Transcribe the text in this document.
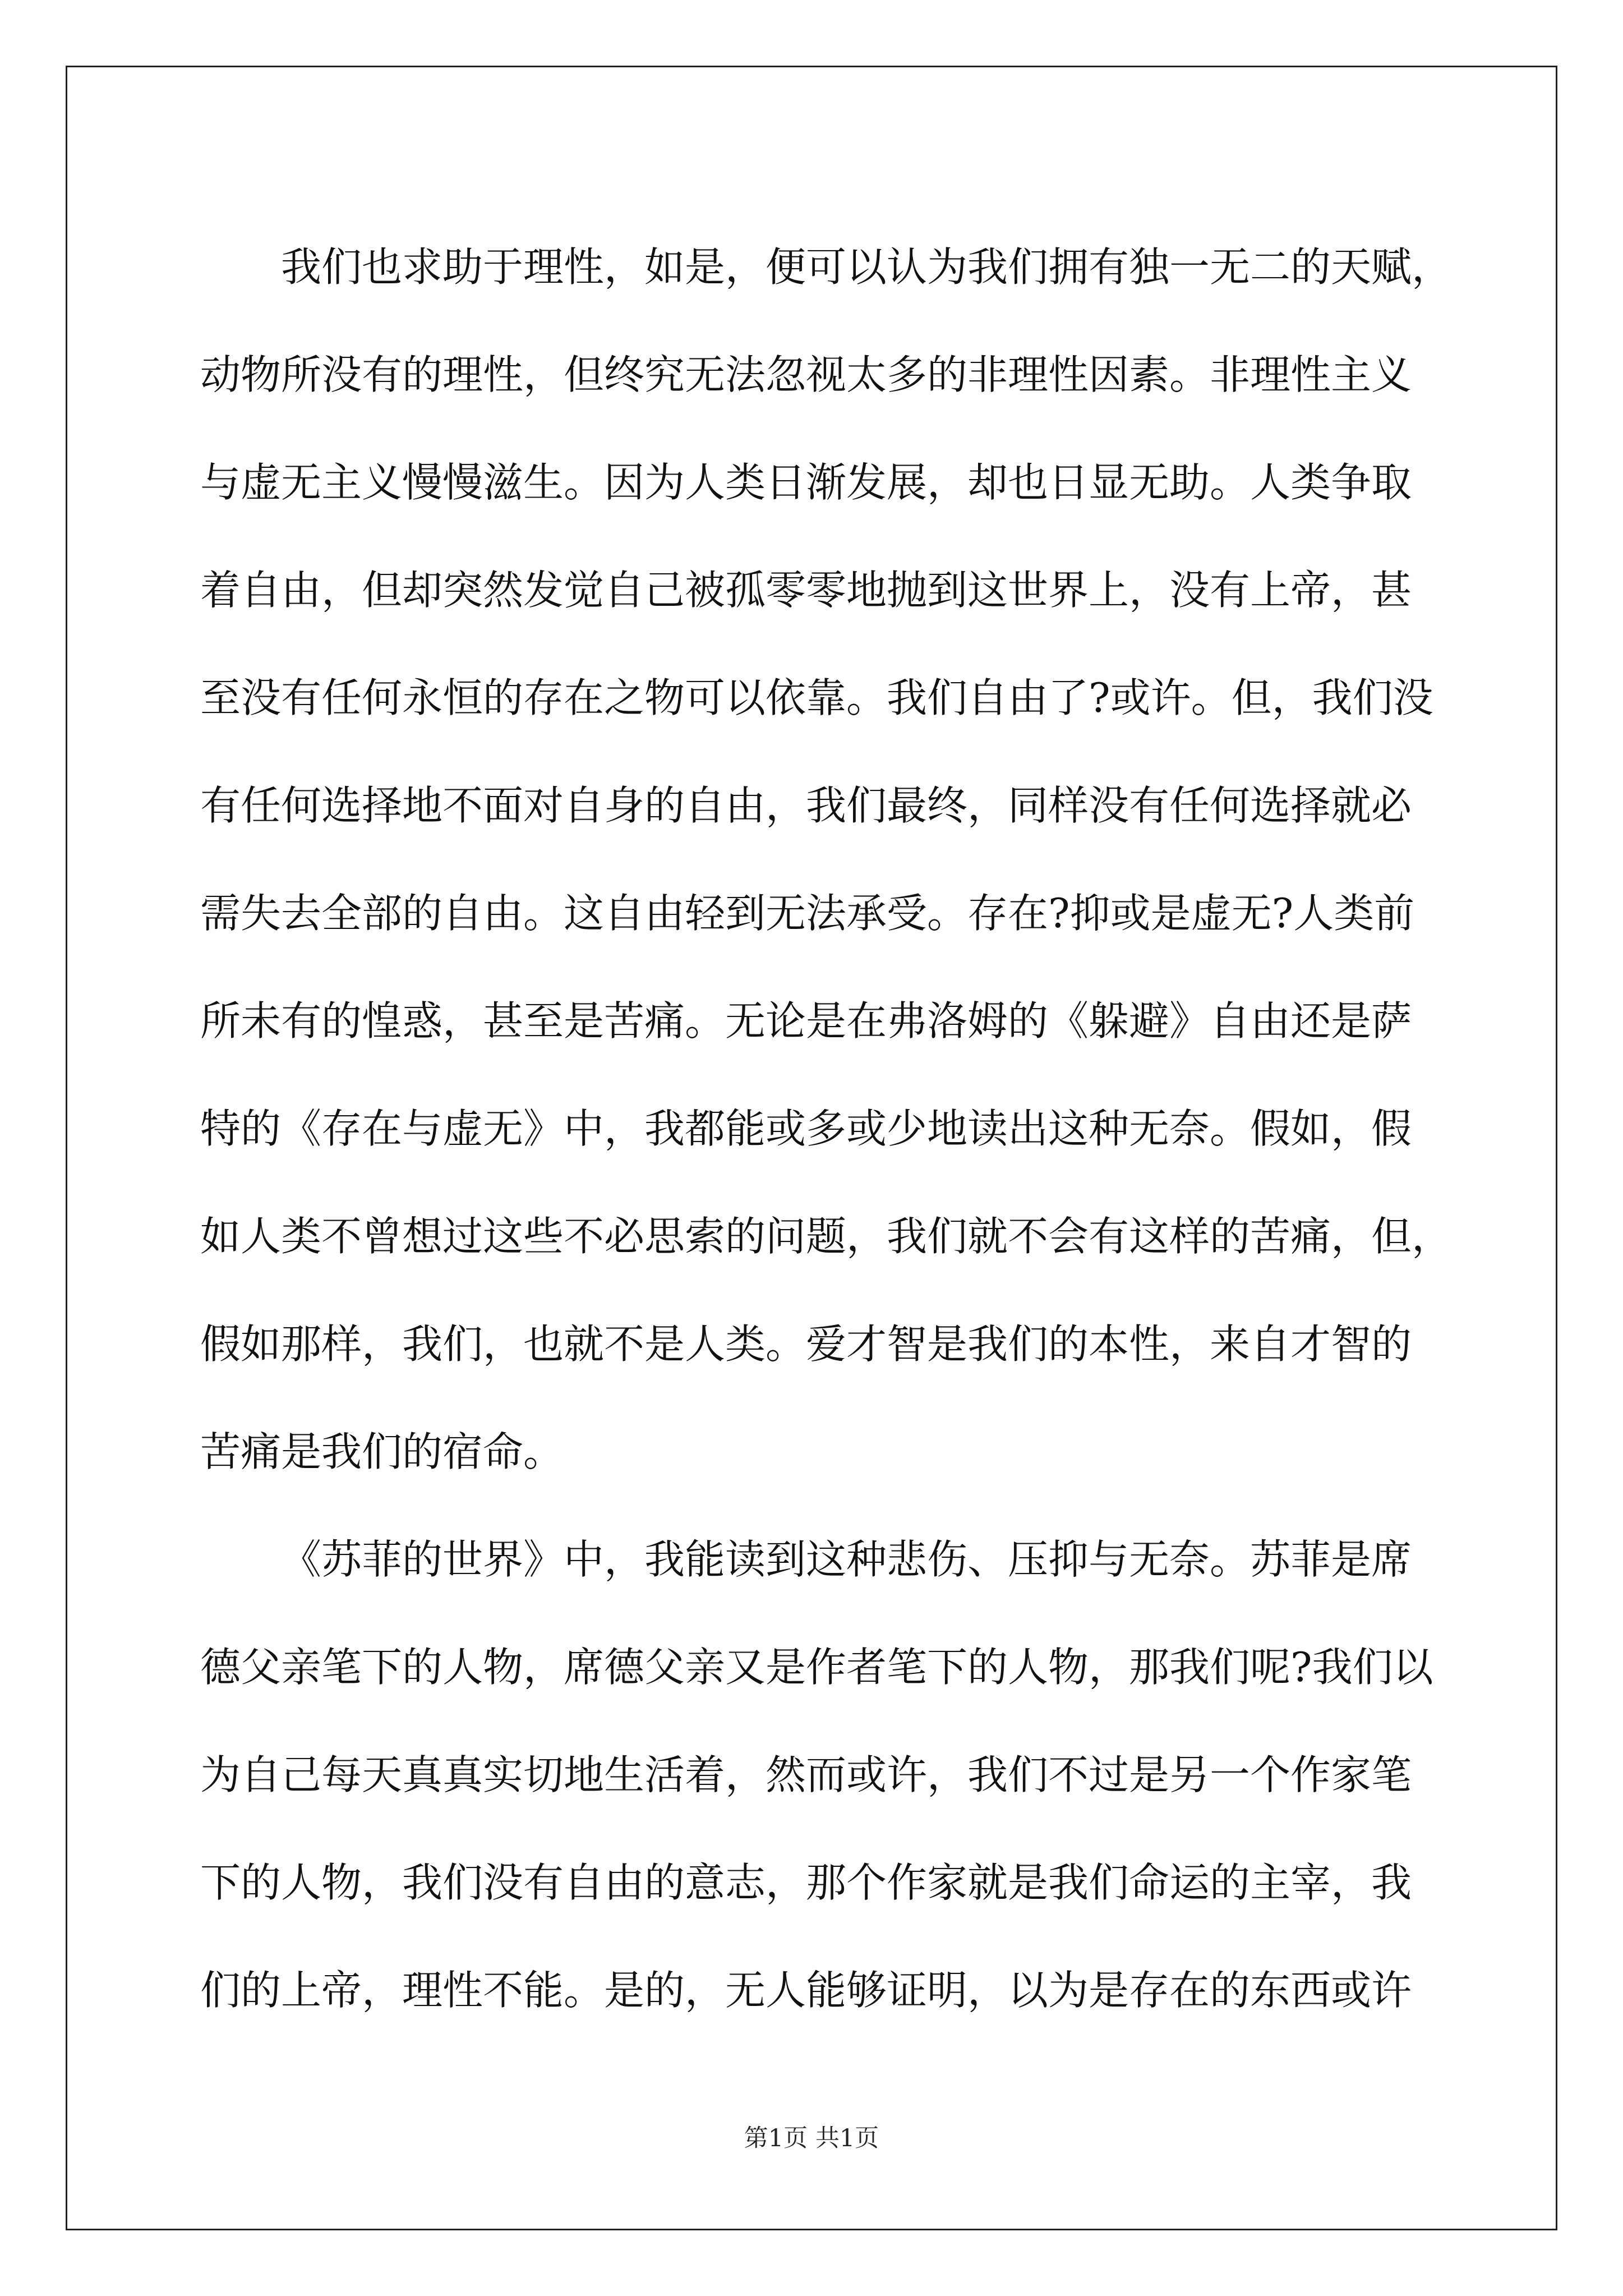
我们也求助于理性，如是，便可以认为我们拥有独一无二的天赋，
动物所没有的理性，但终究无法忽视太多的非理性因素。非理性主义
与虚无主义慢慢滋生。因为人类日渐发展，却也日显无助。人类争取
着自由，但却突然发觉自己被孤零零地抛到这世界上，没有上帝，甚
至没有任何永恒的存在之物可以依靠。我们自由了?或许。但，我们没
有任何选择地不面对自身的自由，我们最终，同样没有任何选择就必
需失去全部的自由。这自由轻到无法承受。存在?抑或是虚无?人类前
所未有的惶惑，甚至是苦痛。无论是在弗洛姆的《躲避》自由还是萨
特的《存在与虚无》中，我都能或多或少地读出这种无奈。假如，假
如人类不曾想过这些不必思索的问题，我们就不会有这样的苦痛，但，
假如那样，我们，也就不是人类。爱才智是我们的本性，来自才智的
苦痛是我们的宿命。

《苏菲的世界》中，我能读到这种悲伤、压抑与无奈。苏菲是席
德父亲笔下的人物，席德父亲又是作者笔下的人物，那我们呢?我们以
为自己每天真真实切地生活着，然而或许，我们不过是另一个作家笔
下的人物，我们没有自由的意志，那个作家就是我们命运的主宰，我
们的上帝，理性不能。是的，无人能够证明，以为是存在的东西或许

第1页 共1页
